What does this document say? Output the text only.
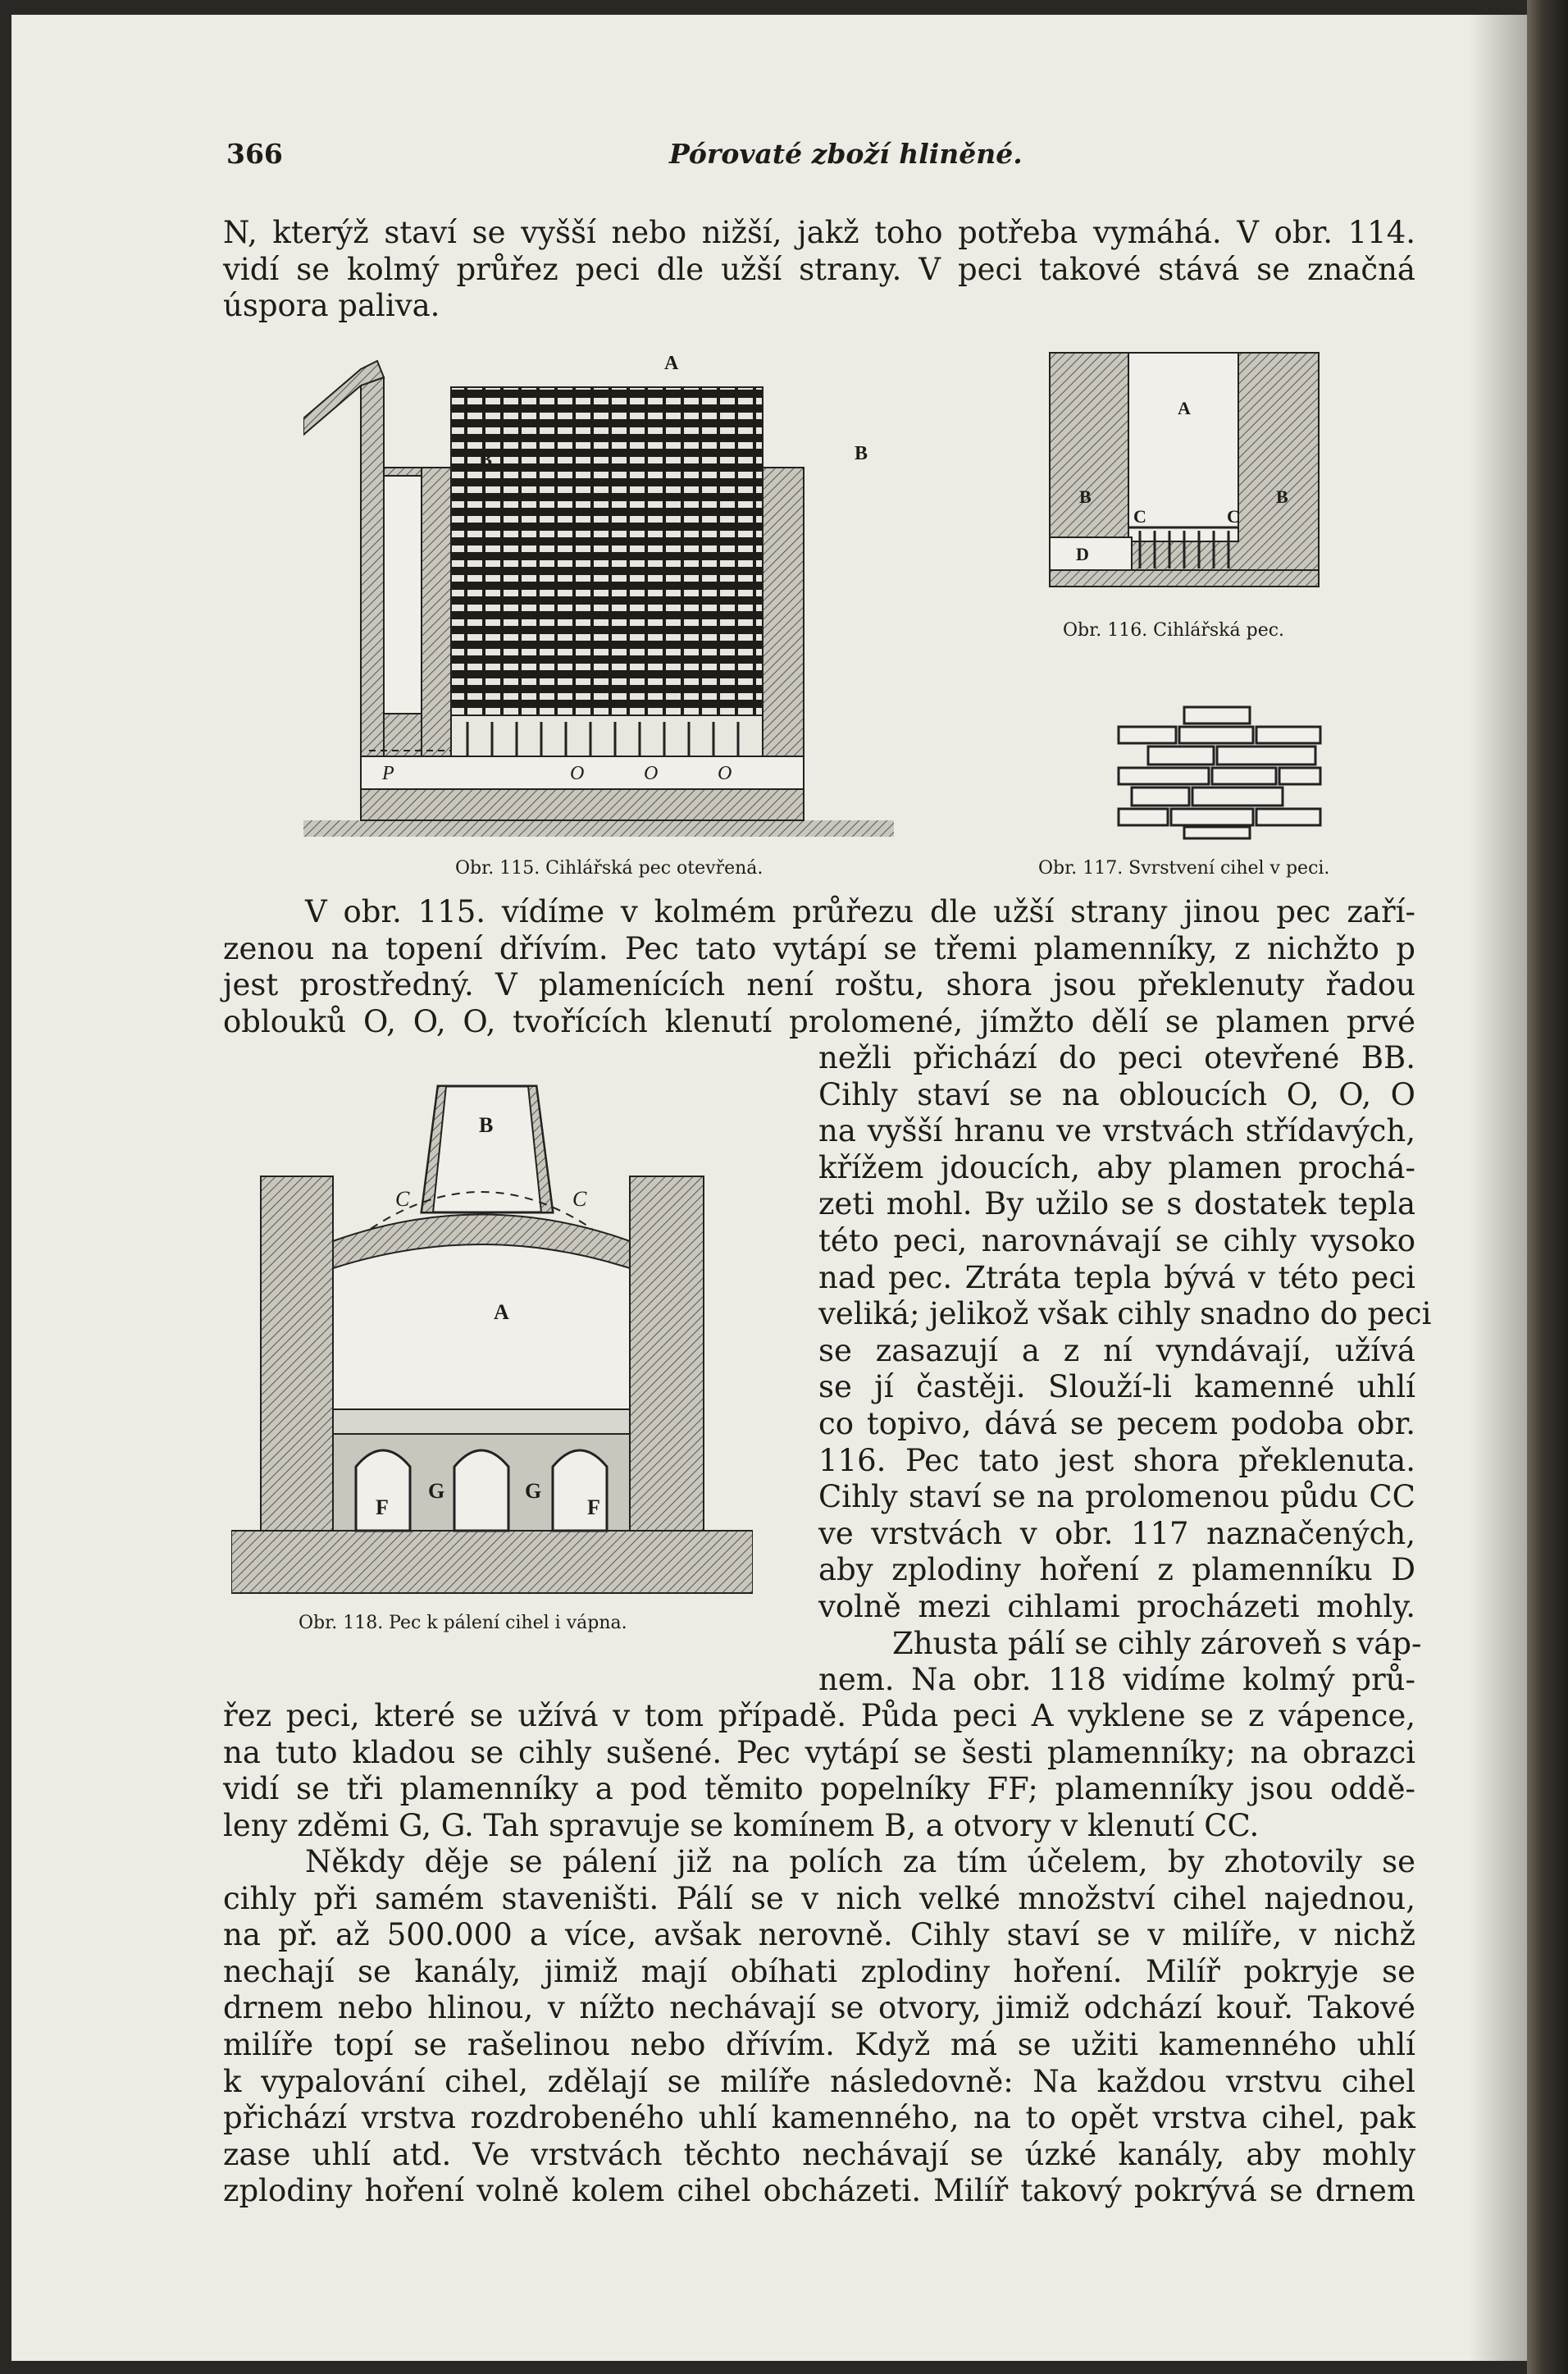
366	Pórovaté zboží hliněné.
N, kterýž staví se vyšší nebo nižší, jakž toho potřeba vymáhá. V obr. 114.
vidí se kolmý průřez peci dle užší strany. V peci takové stává se značná
úspora paliva.
A
B	B
P	O	O	O
Obr. 115. Cihlářská pec otevřená.
A
B	B
C	C
D
Obr. 116. Cihlářská pec.
Obr. 117. Svrstvení cihel v peci.
V obr. 115. vídíme v kolmém průřezu dle užší strany jinou pec zaří-
zenou na topení dřívím. Pec tato vytápí se třemi plamenníky, z nichžto p
jest prostředný. V plamenících není roštu, shora jsou překlenuty řadou
oblouků O, O, O, tvořících klenutí prolomené, jímžto dělí se plamen prvé
B
A
F
G	G
F
C	C
Obr. 118. Pec k pálení cihel i vápna.
nežli přichází do peci otevřené BB.
Cihly staví se na obloucích O, O, O
na vyšší hranu ve vrstvách střídavých,
křížem jdoucích, aby plamen prochá-
zeti mohl. By užilo se s dostatek tepla
této peci, narovnávají se cihly vysoko
nad pec. Ztráta tepla bývá v této peci
veliká; jelikož však cihly snadno do peci
se zasazují a z ní vyndávají, užívá
se jí častěji. Slouží-li kamenné uhlí
co topivo, dává se pecem podoba obr.
116. Pec tato jest shora překlenuta.
Cihly staví se na prolomenou půdu CC
ve vrstvách v obr. 117 naznačených,
aby zplodiny hoření z plamenníku D
volně mezi cihlami procházeti mohly.
Zhusta pálí se cihly zároveň s váp-
nem. Na obr. 118 vidíme kolmý prů-
řez peci, které se užívá v tom případě. Půda peci A vyklene se z vápence,
na tuto kladou se cihly sušené. Pec vytápí se šesti plamenníky; na obrazci
vidí se tři plamenníky a pod těmito popelníky FF; plamenníky jsou oddě-
leny zděmi G, G. Tah spravuje se komínem B, a otvory v klenutí CC.
Někdy děje se pálení již na polích za tím účelem, by zhotovily se
cihly při samém staveništi. Pálí se v nich velké množství cihel najednou,
na př. až 500.000 a více, avšak nerovně. Cihly staví se v milíře, v nichž
nechají se kanály, jimiž mají obíhati zplodiny hoření. Milíř pokryje se
drnem nebo hlinou, v nížto nechávají se otvory, jimiž odchází kouř. Takové
milíře topí se rašelinou nebo dřívím. Když má se užiti kamenného uhlí
k vypalování cihel, zdělají se milíře následovně: Na každou vrstvu cihel
přichází vrstva rozdrobeného uhlí kamenného, na to opět vrstva cihel, pak
zase uhlí atd. Ve vrstvách těchto nechávají se úzké kanály, aby mohly
zplodiny hoření volně kolem cihel obcházeti. Milíř takový pokrývá se drnem
